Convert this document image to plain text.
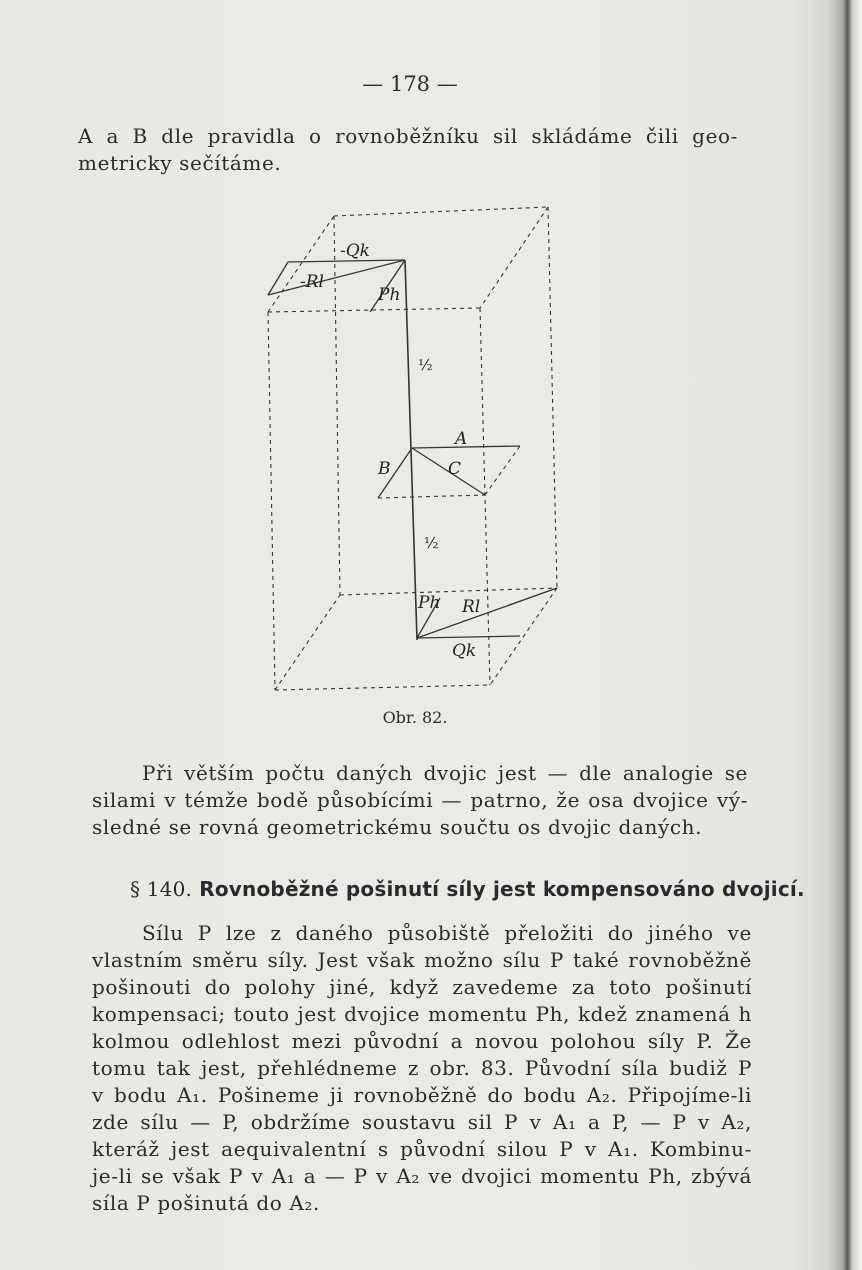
— 178 —
A a B dle pravidla o rovnoběžníku sil skládáme čili geo-
metricky sečítáme.
-Qk
-Rl
Ph
½
A
B	C
½
Ph Rl
Qk
Obr. 82.
Při větším počtu daných dvojic jest — dle analogie se
silami v témže bodě působícími — patrno, že osa dvojice vý-
sledné se rovná geometrickému součtu os dvojic daných.
§ 140. Rovnoběžné pošinutí síly jest kompensováno dvojicí.
Sílu P lze z daného působiště přeložiti do jiného ve
vlastním směru síly. Jest však možno sílu P také rovnoběžně
pošinouti do polohy jiné, když zavedeme za toto pošinutí
kompensaci; touto jest dvojice momentu Ph, kdež znamená h
kolmou odlehlost mezi původní a novou polohou síly P. Že
tomu tak jest, přehlédneme z obr. 83. Původní síla budiž P
v bodu A₁. Pošineme ji rovnoběžně do bodu A₂. Připojíme-li
zde sílu — P, obdržíme soustavu sil P v A₁ a P, — P v A₂,
kteráž jest aequivalentní s původní silou P v A₁. Kombinu-
je-li se však P v A₁ a — P v A₂ ve dvojici momentu Ph, zbývá
síla P pošinutá do A₂.
